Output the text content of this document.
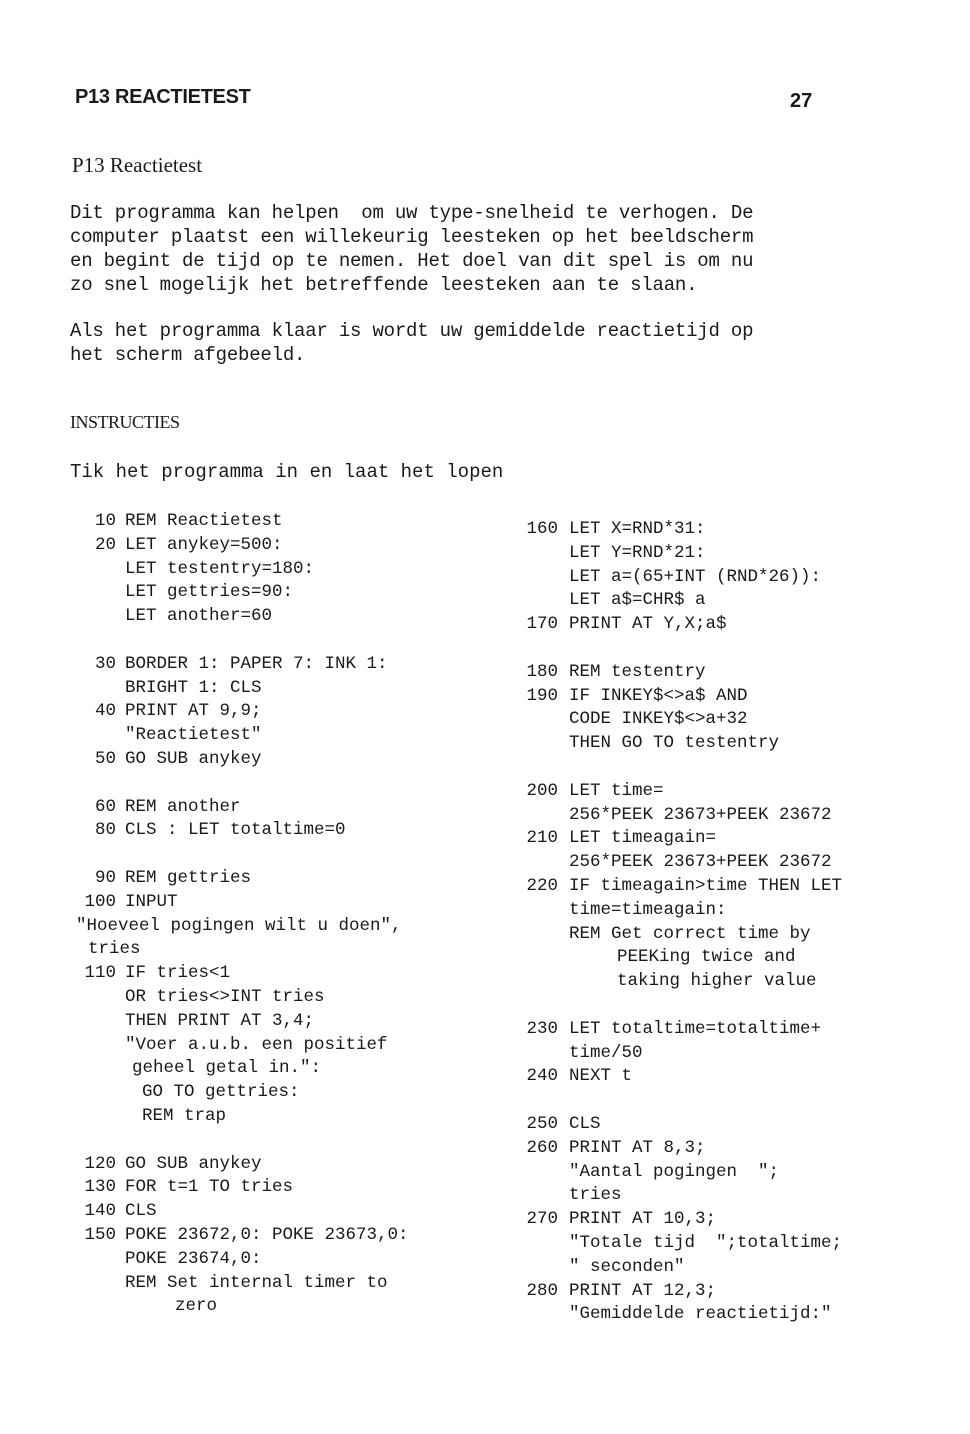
P13 REACTIETEST	27
P13 Reactietest
Dit programma kan helpen  om uw type-snelheid te verhogen. De
computer plaatst een willekeurig leesteken op het beeldscherm
en begint de tijd op te nemen. Het doel van dit spel is om nu
zo snel mogelijk het betreffende leesteken aan te slaan.
Als het programma klaar is wordt uw gemiddelde reactietijd op
het scherm afgebeeld.
INSTRUCTIES
Tik het programma in en laat het lopen
10 REM Reactietest
20 LET anykey=500:
LET testentry=180:
LET gettries=90:
LET another=60
30 BORDER 1: PAPER 7: INK 1:
BRIGHT 1: CLS
40 PRINT AT 9,9;
"Reactietest"
50 GO SUB anykey
60 REM another
80 CLS : LET totaltime=0
90 REM gettries
100 INPUT
"Hoeveel pogingen wilt u doen",
tries
110 IF tries<1
OR tries<>INT tries
THEN PRINT AT 3,4;
"Voer a.u.b. een positief
geheel getal in.":
GO TO gettries:
REM trap
120 GO SUB anykey
130 FOR t=1 TO tries
140 CLS
150 POKE 23672,0: POKE 23673,0:
POKE 23674,0:
REM Set internal timer to
zero
160 LET X=RND*31:
LET Y=RND*21:
LET a=(65+INT (RND*26)):
LET a$=CHR$ a
170 PRINT AT Y,X;a$
180 REM testentry
190 IF INKEY$<>a$ AND
CODE INKEY$<>a+32
THEN GO TO testentry
200 LET time=
256*PEEK 23673+PEEK 23672
210 LET timeagain=
256*PEEK 23673+PEEK 23672
220 IF timeagain>time THEN LET
time=timeagain:
REM Get correct time by
PEEKing twice and
taking higher value
230 LET totaltime=totaltime+
time/50
240 NEXT t
250 CLS
260 PRINT AT 8,3;
"Aantal pogingen  ";
tries
270 PRINT AT 10,3;
"Totale tijd  ";totaltime;
" seconden"
280 PRINT AT 12,3;
"Gemiddelde reactietijd:"
